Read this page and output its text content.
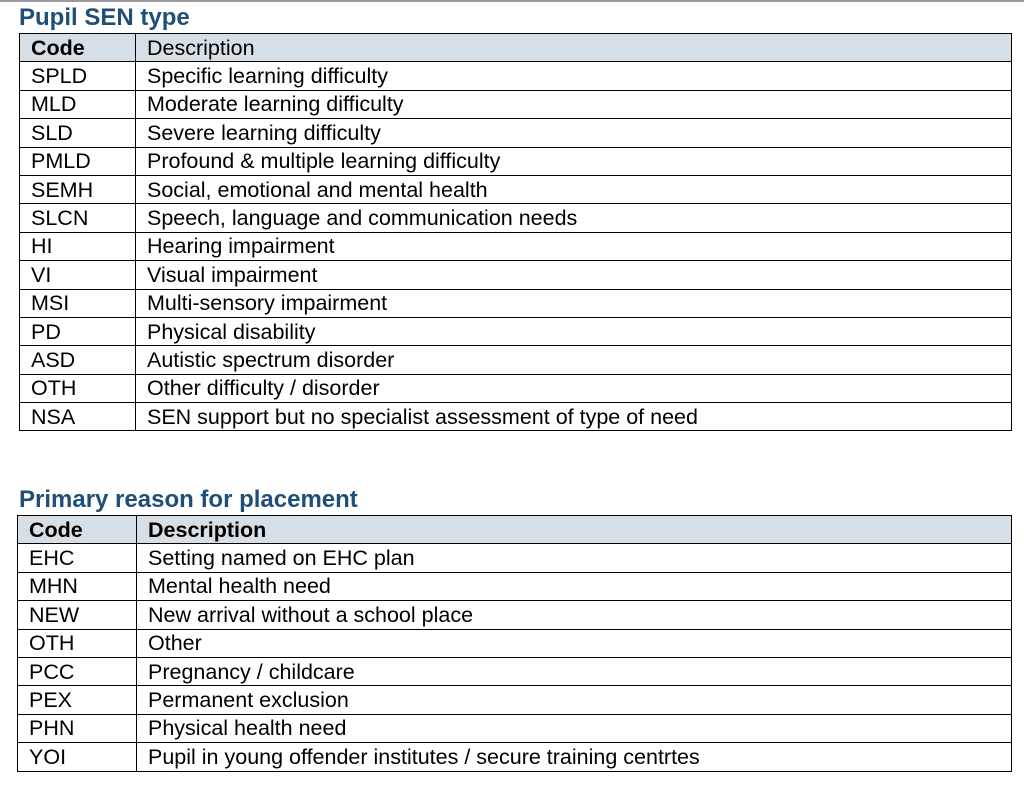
Pupil SEN type
Code	Description
SPLD	Specific learning difficulty
MLD	Moderate learning difficulty
SLD	Severe learning difficulty
PMLD	Profound & multiple learning difficulty
SEMH	Social, emotional and mental health
SLCN	Speech, language and communication needs
HI	Hearing impairment
VI	Visual impairment
MSI	Multi-sensory impairment
PD	Physical disability
ASD	Autistic spectrum disorder
OTH	Other difficulty / disorder
NSA	SEN support but no specialist assessment of type of need
Primary reason for placement
Code	Description
EHC	Setting named on EHC plan
MHN	Mental health need
NEW	New arrival without a school place
OTH	Other
PCC	Pregnancy / childcare
PEX	Permanent exclusion
PHN	Physical health need
YOI	Pupil in young offender institutes / secure training centrtes
